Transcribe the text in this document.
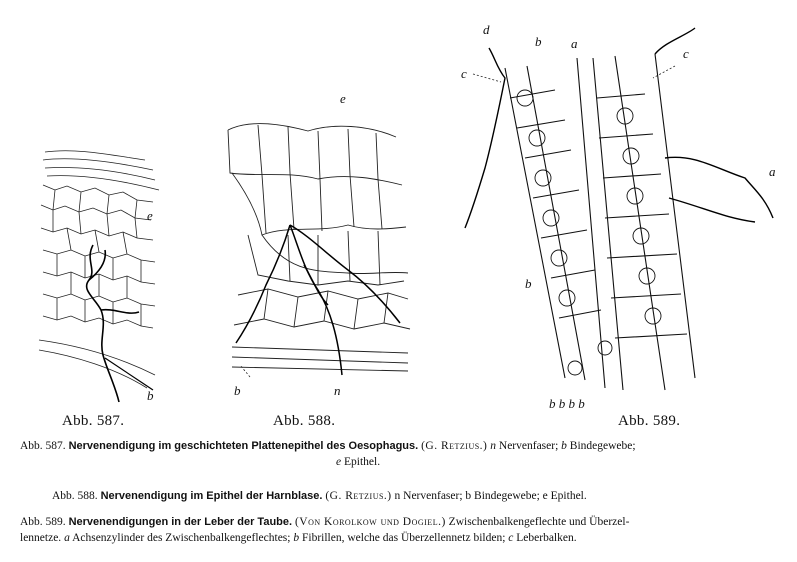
e
b
Abb. 587.
e
b	n
Abb. 588.
d
b a
c
c
a
b
b b b b
Abb. 589.
Abb. 587. Nervenendigung im geschichteten Plattenepithel des Oesophagus. (G. Retzius.) n Nervenfaser; b Bindegewebe;
e Epithel.
Abb. 588. Nervenendigung im Epithel der Harnblase. (G. Retzius.) n Nervenfaser; b Bindegewebe; e Epithel.
Abb. 589. Nervenendigungen in der Leber der Taube. (Von Korolkow und Dogiel.) Zwischenbalkengeflechte und Überzel-
lennetze. a Achsenzylinder des Zwischenbalkengeflechtes; b Fibrillen, welche das Überzellennetz bilden; c Leberbalken.
